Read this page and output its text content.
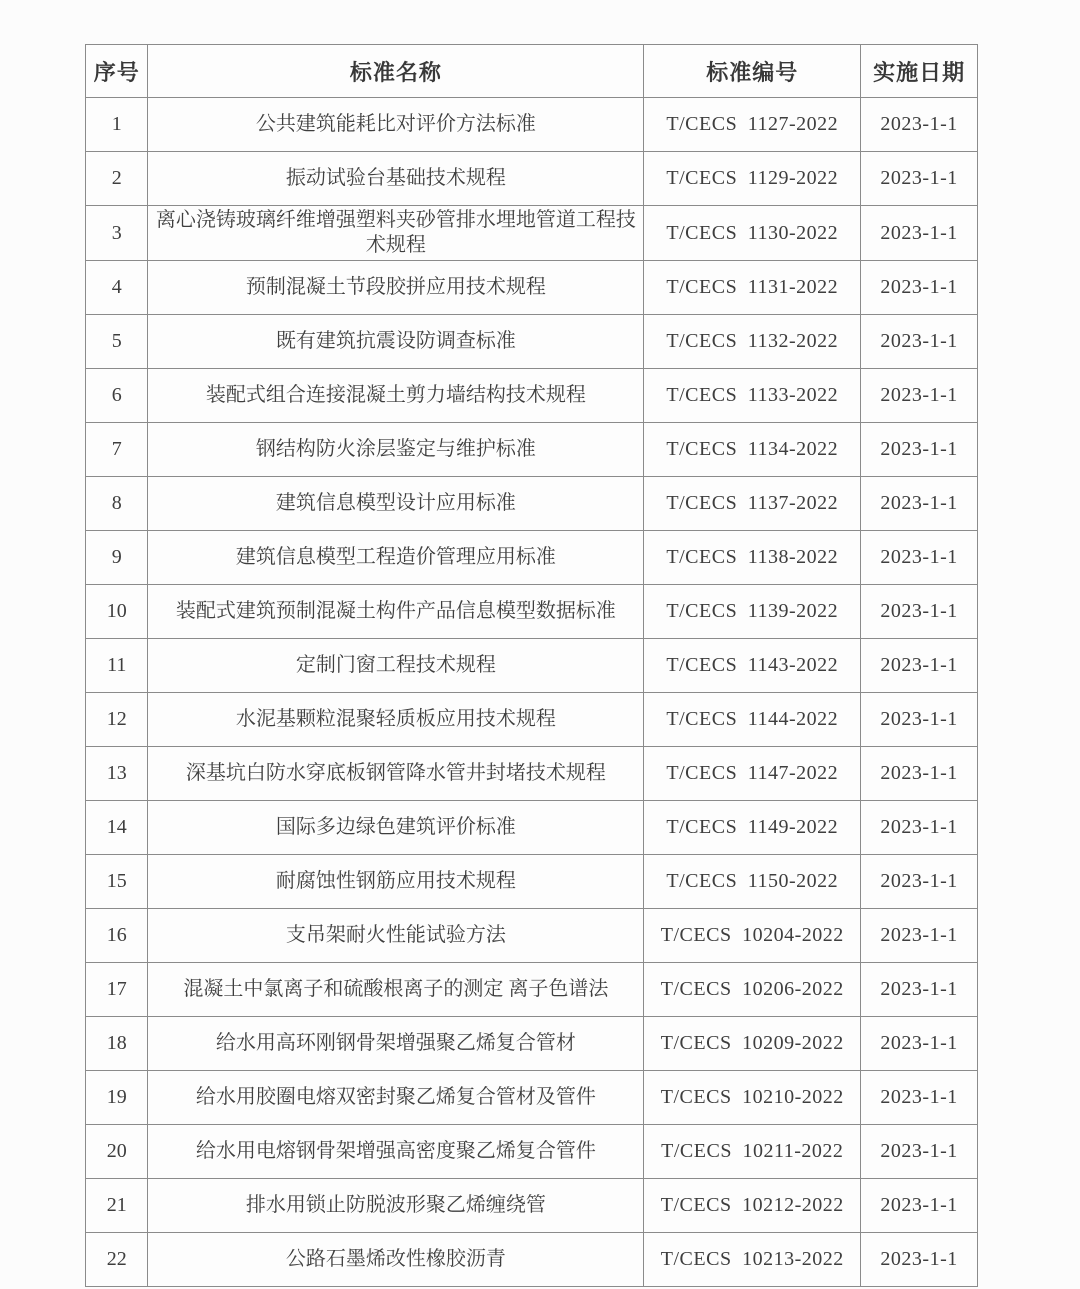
序号	标准名称	标准编号	实施日期
1	公共建筑能耗比对评价方法标准	T/CECS 1127-2022	2023-1-1
2	振动试验台基础技术规程	T/CECS 1129-2022	2023-1-1
3	离心浇铸玻璃纤维增强塑料夹砂管排水埋地管道工程技术规程	T/CECS 1130-2022	2023-1-1
4	预制混凝土节段胶拼应用技术规程	T/CECS 1131-2022	2023-1-1
5	既有建筑抗震设防调查标准	T/CECS 1132-2022	2023-1-1
6	装配式组合连接混凝土剪力墙结构技术规程	T/CECS 1133-2022	2023-1-1
7	钢结构防火涂层鉴定与维护标准	T/CECS 1134-2022	2023-1-1
8	建筑信息模型设计应用标准	T/CECS 1137-2022	2023-1-1
9	建筑信息模型工程造价管理应用标准	T/CECS 1138-2022	2023-1-1
10	装配式建筑预制混凝土构件产品信息模型数据标准	T/CECS 1139-2022	2023-1-1
11	定制门窗工程技术规程	T/CECS 1143-2022	2023-1-1
12	水泥基颗粒混聚轻质板应用技术规程	T/CECS 1144-2022	2023-1-1
13	深基坑白防水穿底板钢管降水管井封堵技术规程	T/CECS 1147-2022	2023-1-1
14	国际多边绿色建筑评价标准	T/CECS 1149-2022	2023-1-1
15	耐腐蚀性钢筋应用技术规程	T/CECS 1150-2022	2023-1-1
16	支吊架耐火性能试验方法	T/CECS 10204-2022	2023-1-1
17	混凝土中氯离子和硫酸根离子的测定 离子色谱法	T/CECS 10206-2022	2023-1-1
18	给水用高环刚钢骨架增强聚乙烯复合管材	T/CECS 10209-2022	2023-1-1
19	给水用胶圈电熔双密封聚乙烯复合管材及管件	T/CECS 10210-2022	2023-1-1
20	给水用电熔钢骨架增强高密度聚乙烯复合管件	T/CECS 10211-2022	2023-1-1
21	排水用锁止防脱波形聚乙烯缠绕管	T/CECS 10212-2022	2023-1-1
22	公路石墨烯改性橡胶沥青	T/CECS 10213-2022	2023-1-1
